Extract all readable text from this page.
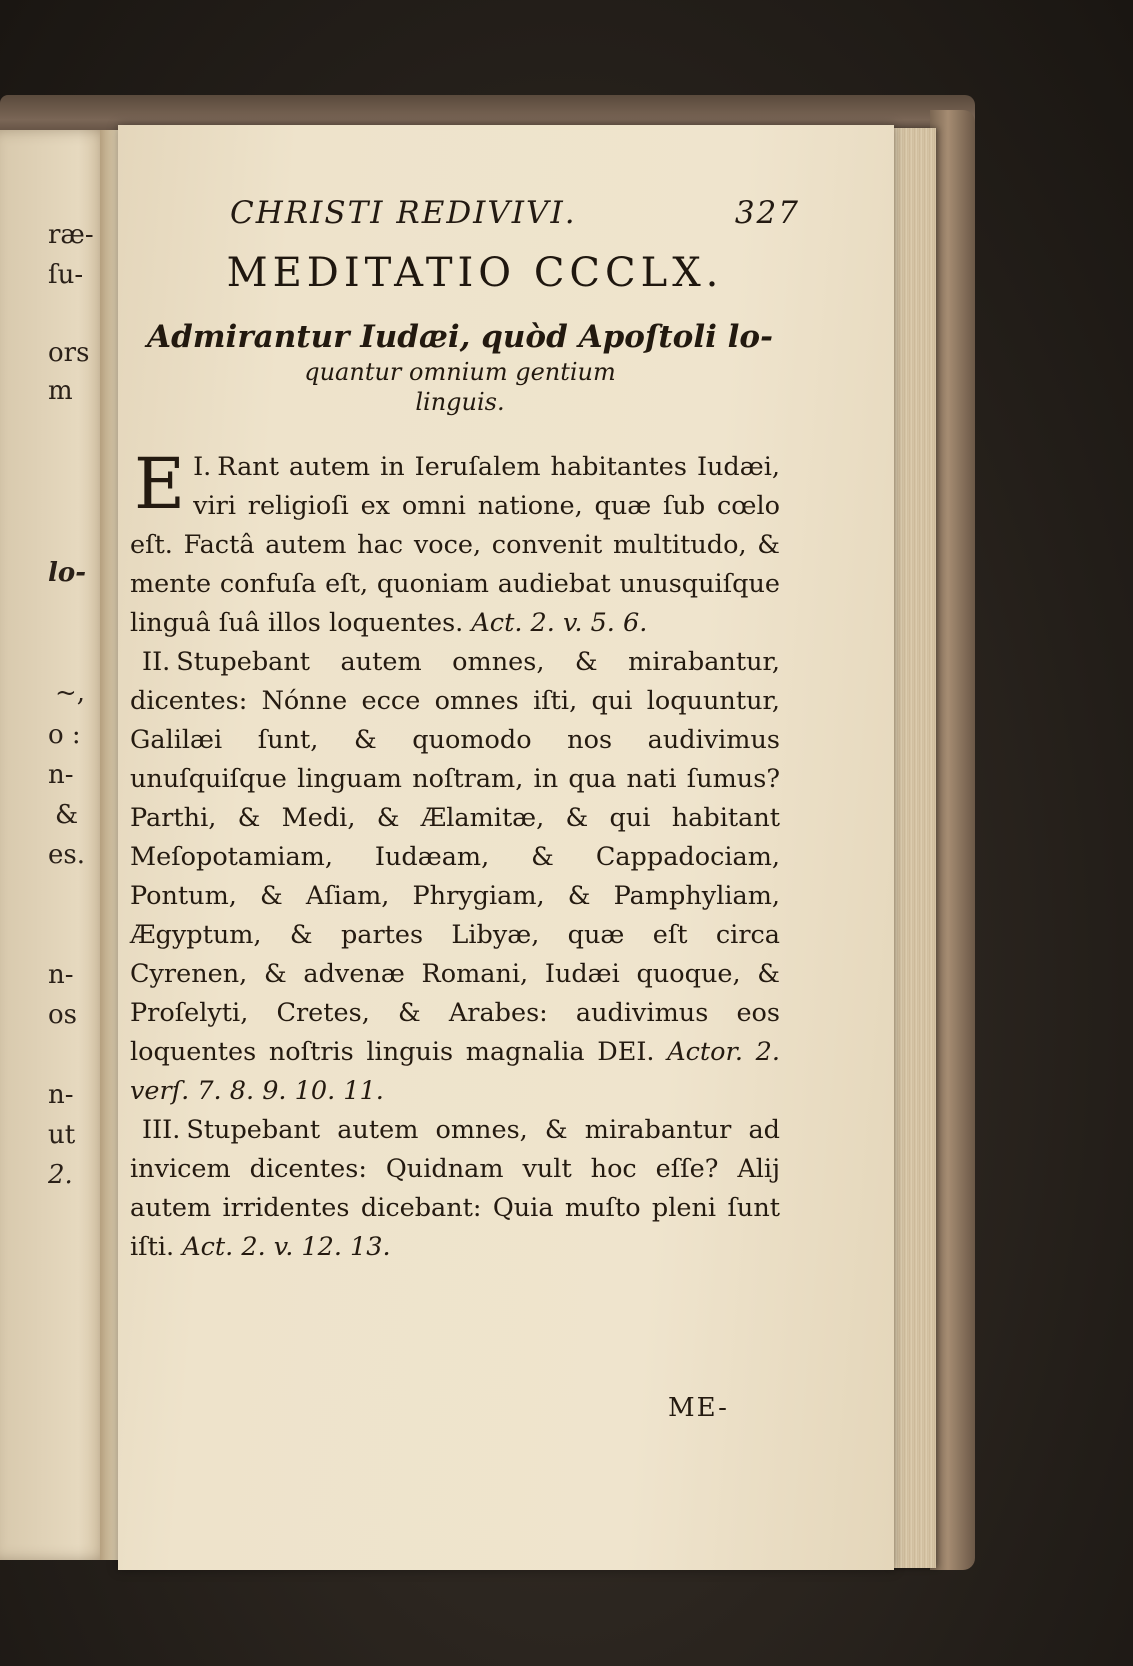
ræ-
ſu-
ors
m
lo-
~,
o :
n-
&
es.
n-
os
n-
ut
2.
CHRISTI REDIVIVI.	327
MEDITATIO CCCLX.
Admirantur Iudæi, quòd Apoſtoli lo-
quantur omnium gentium
linguis.

I.
E Rant autem in Ieruſalem habitantes Iudæi, viri religioſi ex omni natione, quæ ſub cœlo eſt. Factâ autem hac voce, convenit multitudo, & mente confuſa eſt, quoniam audiebat unusquiſque linguâ ſuâ illos loquentes. Act. 2. v. 5. 6.

II. Stupebant autem omnes, & mirabantur, dicentes: Nónne ecce omnes iſti, qui loquuntur, Galilæi ſunt, & quomodo nos audivimus unuſquiſque linguam noſtram, in qua nati ſumus? Parthi, & Medi, & Ælamitæ, & qui habitant Meſopotamiam, Iudæam, & Cappadociam, Pontum, & Aſiam, Phrygiam, & Pamphyliam, Ægyptum, & partes Libyæ, quæ eſt circa Cyrenen, & advenæ Romani, Iudæi quoque, & Proſelyti, Cretes, & Arabes: audivimus eos loquentes noſtris linguis magnalia DEI. Actor. 2. verſ. 7. 8. 9. 10. 11.

III. Stupebant autem omnes, & mirabantur ad invicem dicentes: Quidnam vult hoc eſſe? Alij autem irridentes dicebant: Quia muſto pleni ſunt iſti. Act. 2. v. 12. 13.

ME-
